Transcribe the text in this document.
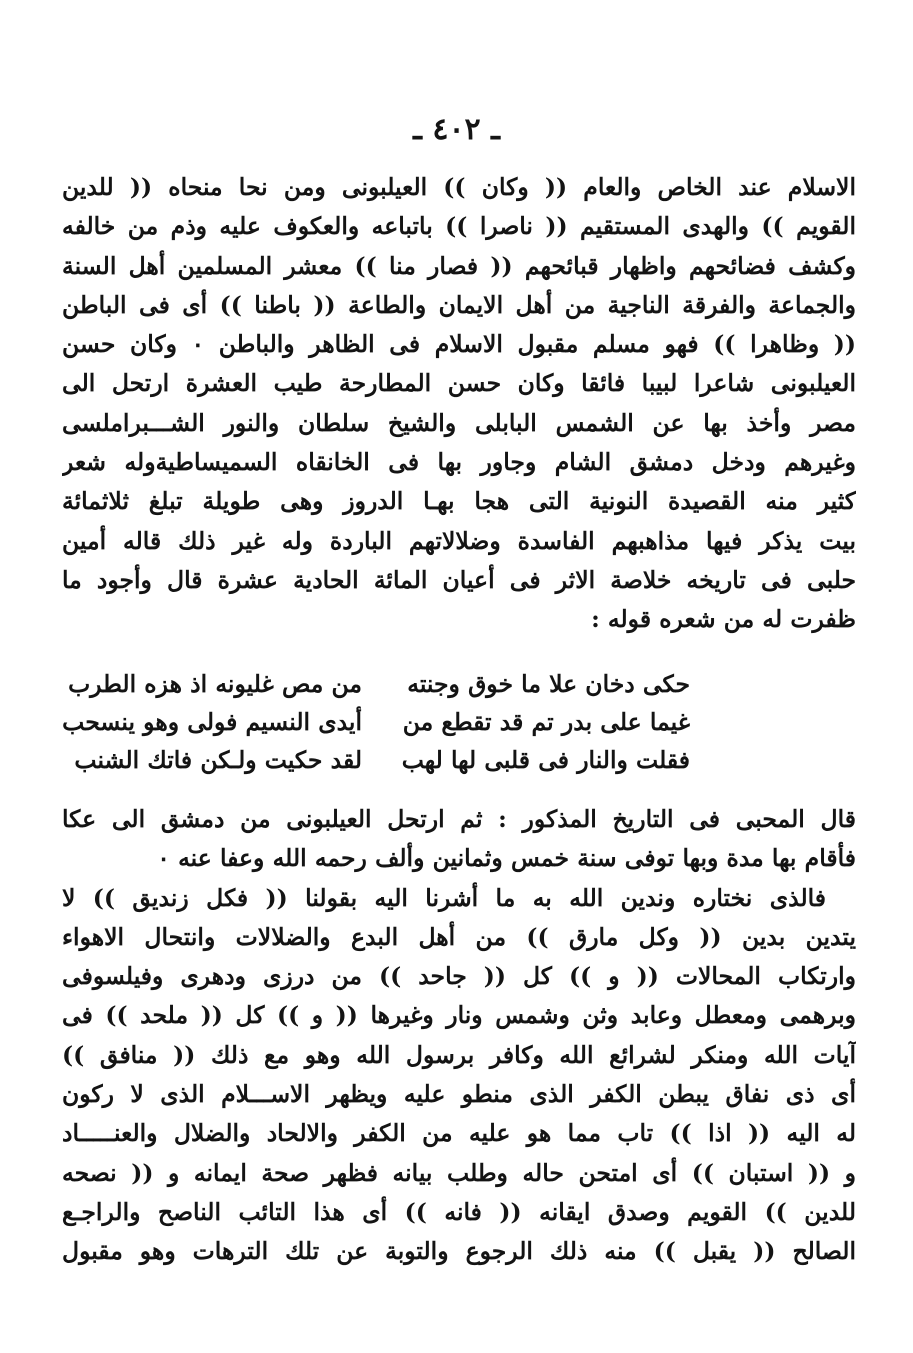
ـ ٤٠٢ ـ
الاسلام عند الخاص والعام (( وكان )) العيلبونى ومن نحا منحاه (( للدين
القويم )) والهدى المستقيم (( ناصرا )) باتباعه والعكوف عليه وذم من خالفه
وكشف فضائحهم واظهار قبائحهم (( فصار منا )) معشر المسلمين أهل السنة
والجماعة والفرقة الناجية من أهل الايمان والطاعة (( باطنا )) أى فى الباطن
(( وظاهرا )) فهو مسلم مقبول الاسلام فى الظاهر والباطن ٠ وكان حسن
العيلبونى شاعرا لبيبا فائقا وكان حسن المطارحة طيب العشرة ارتحل الى
مصر وأخذ بها عن الشمس البابلى والشيخ سلطان والنور الشـــبراملسى
وغيرهم ودخل دمشق الشام وجاور بها فى الخانقاه السميساطيةوله شعر
كثير منه القصيدة النونية التى هجا بهـا الدروز وهى طويلة تبلغ ثلاثمائة
بيت يذكر فيها مذاهبهم الفاسدة وضلالاتهم الباردة وله غير ذلك قاله أمين
حلبى فى تاريخه خلاصة الاثر فى أعيان المائة الحادية عشرة قال وأجود ما
ظفرت له من شعره قوله :
حكى دخان علا ما خوق وجنته
من مص غليونه اذ هزه الطرب
غيما على بدر تم قد تقطع من
أيدى النسيم فولى وهو ينسحب
فقلت والنار فى قلبى لها لهب
لقد حكيت ولـكن فاتك الشنب
قال المحبى فى التاريخ المذكور : ثم ارتحل العيلبونى من دمشق الى عكا
فأقام بها مدة وبها توفى سنة خمس وثمانين وألف رحمه الله وعفا عنه ٠
فالذى نختاره وندين الله به ما أشرنا اليه بقولنا (( فكل زنديق )) لا
يتدين بدين (( وكل مارق )) من أهل البدع والضلالات وانتحال الاهواء
وارتكاب المحالات (( و )) كل (( جاحد )) من درزى ودهرى وفيلسوفى
وبرهمى ومعطل وعابد وثن وشمس ونار وغيرها (( و )) كل (( ملحد )) فى
آيات الله ومنكر لشرائع الله وكافر برسول الله وهو مع ذلك (( منافق ))
أى ذى نفاق يبطن الكفر الذى منطو عليه ويظهر الاســـلام الذى لا ركون
له اليه (( اذا )) تاب مما هو عليه من الكفر والالحاد والضلال والعنـــــاد
و (( استبان )) أى امتحن حاله وطلب بيانه فظهر صحة ايمانه و (( نصحه
للدين )) القويم وصدق ايقانه (( فانه )) أى هذا التائب الناصح والراجـع
الصالح (( يقبل )) منه ذلك الرجوع والتوبة عن تلك الترهات وهو مقبول
